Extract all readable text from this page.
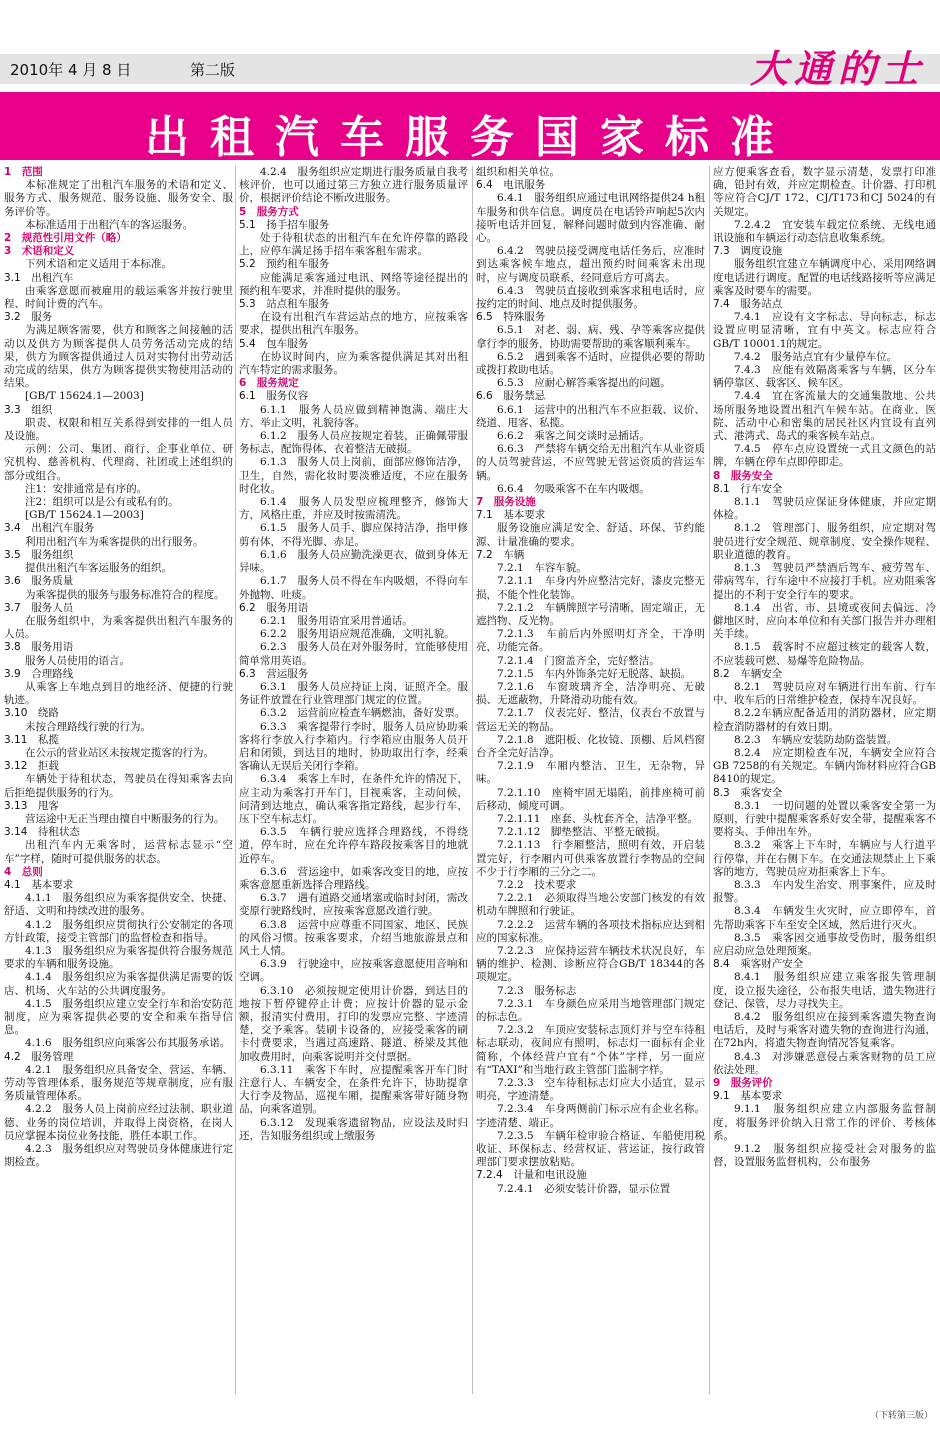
2010年 4 月 8 日	第二版	大通的士
出租汽车服务国家标准

1　范围

本标准规定了出租汽车服务的术语和定义、服务方式、服务规范、服务设施、服务安全、服务评价等。

本标准适用于出租汽车的客运服务。

2　规范性引用文件（略）

3　术语和定义

下列术语和定义适用于本标准。

3.1　出租汽车

由乘客意愿而被雇用的载运乘客并按行驶里程、时间计费的汽车。

3.2　服务

为满足顾客需要，供方和顾客之间接触的活动以及供方为顾客提供人员劳务活动完成的结果，供方为顾客提供通过人员对实物付出劳动活动完成的结果，供方为顾客提供实物使用活动的结果。

[GB/T 15624.1—2003]

3.3　组织

职责、权限和相互关系得到安排的一组人员及设施。

示例：公司、集团、商行、企事业单位、研究机构、慈善机构、代理商、社团或上述组织的部分或组合。

注1：安排通常是有序的。

注2：组织可以是公有或私有的。

[GB/T 15624.1—2003]

3.4　出租汽车服务

利用出租汽车为乘客提供的出行服务。

3.5　服务组织

提供出租汽车客运服务的组织。

3.6　服务质量

为乘客提供的服务与服务标准符合的程度。

3.7　服务人员

在服务组织中，为乘客提供出租汽车服务的人员。

3.8　服务用语

服务人员使用的语言。

3.9　合理路线

从乘客上车地点到目的地经济、便捷的行驶轨迹。

3.10　绕路

未按合理路线行驶的行为。

3.11　私揽

在公示的营业站区未按规定揽客的行为。

3.12　拒载

车辆处于待租状态，驾驶员在得知乘客去向后拒绝提供服务的行为。

3.13　甩客

营运途中无正当理由擅自中断服务的行为。

3.14　待租状态

出租汽车内无乘客时，运营标志显示“空车”字样，随时可提供服务的状态。

4　总则

4.1　基本要求

4.1.1　服务组织应为乘客提供安全、快捷、舒适、文明和持续改进的服务。

4.1.2　服务组织应贯彻执行公安制定的各项方针政策，接受主管部门的监督检查和指导。

4.1.3　服务组织应为乘客提供符合服务规范要求的车辆和服务设施。

4.1.4　服务组织应为乘客提供满足需要的饭店、机场、火车站的公共调度服务。

4.1.5　服务组织应建立安全行车和治安防范制度，应为乘客提供必要的安全和乘车指导信息。

4.1.6　服务组织应向乘客公布其服务承诺。

4.2　服务管理

4.2.1　服务组织应具备安全、营运、车辆、劳动等管理体系，服务规范等规章制度，应有服务质量管理体系。

4.2.2　服务人员上岗前应经过法制、职业道德、业务的岗位培训，并取得上岗资格，在岗人员应掌握本岗位业务技能，胜任本职工作。

4.2.3　服务组织应对驾驶员身体健康进行定期检查。

4.2.4　服务组织应定期进行服务质量自我考核评价，也可以通过第三方独立进行服务质量评价，根据评价结论不断改进服务。

5　服务方式

5.1　扬手招车服务

处于待租状态的出租汽车在允许停靠的路段上，应停车满足扬手招车乘客租车需求。

5.2　预约租车服务

应能满足乘客通过电讯、网络等途径提出的预约租车要求，并准时提供的服务。

5.3　站点租车服务

在设有出租汽车营运站点的地方，应按乘客要求，提供出租汽车服务。

5.4　包车服务

在协议时间内，应为乘客提供满足其对出租汽车特定的需求服务。

6　服务规定

6.1　服务仪容

6.1.1　服务人员应做到精神饱满、端庄大方、举止文明，礼貌待客。

6.1.2　服务人员应按规定着装，正确佩带服务标志，配饰得体、衣着整洁无破损。

6.1.3　服务人员上岗前，面部应修饰洁净，卫生，自然，需化妆时要淡雅适度，不应在服务时化妆。

6.1.4　服务人员发型应梳理整齐，修饰大方，风格庄重，并应及时按需清洗。

6.1.5　服务人员手、脚应保持洁净，指甲修剪有体，不得光脚、赤足。

6.1.6　服务人员应勤洗澡更衣，做到身体无异味。

6.1.7　服务人员不得在车内吸烟，不得向车外抛物、吐痰。

6.2　服务用语

6.2.1　服务用语宜采用普通话。

6.2.2　服务用语应规范准确，文明礼貌。

6.2.3　服务人员在对外服务时，宜能够使用简单常用英语。

6.3　营运服务

6.3.1　服务人员应持证上岗，证照齐全。服务证件放置在行业管理部门规定的位置。

6.3.2　运营前应检查车辆燃油，备好发票。

6.3.3　乘客提带行李时，服务人员应协助乘客将行李放入行李箱内。行李箱应由服务人员开启和闭锁，到达目的地时，协助取出行李，经乘客确认无误后关闭行李箱。

6.3.4　乘客上车时，在条件允许的情况下，应主动为乘客打开车门，目视乘客，主动问候，问清到达地点，确认乘客指定路线，起步行车，压下空车标志灯。

6.3.5　车辆行驶应选择合理路线，不得绕道，停车时，应在允许停车路段按乘客目的地就近停车。

6.3.6　营运途中，如乘客改变目的地，应按乘客意愿重新选择合理路线。

6.3.7　遇有道路交通堵塞或临时封闭，需改变原行驶路线时，应按乘客意愿改道行驶。

6.3.8　运营中应尊重不同国家、地区、民族的风俗习惯。按乘客要求，介绍当地旅游景点和风土人情。

6.3.9　行驶途中，应按乘客意愿使用音响和空调。

6.3.10　必须按规定使用计价器，到达目的地按下暂停键停止计费；应按计价器的显示金额，报清实付费用，打印的发票应完整、字迹清楚，交予乘客。装刷卡设备的，应接受乘客的刷卡付费要求，当遇过高速路、隧道、桥梁及其他加收费用时，向乘客说明并交付票据。

6.3.11　乘客下车时，应提醒乘客开车门时注意行人、车辆安全，在条件允许下，协助提拿大行李及物品，巡视车厢，提醒乘客带好随身物品，向乘客道别。

6.3.12　发现乘客遗留物品，应设法及时归还，告知服务组织或上缴服务

组织和相关单位。

6.4　电讯服务

6.4.1　服务组织应通过电讯网络提供24 h租车服务和供车信息。调度员在电话铃声响起5次内接听电话并回复，解释问题时做到内容准确、耐心。

6.4.2　驾驶员接受调度电话任务后，应准时到达乘客候车地点，超出预约时间乘客未出现时，应与调度员联系，经同意后方可离去。

6.4.3　驾驶员直接收到乘客求租电话时，应按约定的时间、地点及时提供服务。

6.5　特殊服务

6.5.1　对老、弱、病、残、孕等乘客应提供拿行李的服务，协助需要帮助的乘客顺利乘车。

6.5.2　遇到乘客不适时，应提供必要的帮助或拨打救助电话。

6.5.3　应耐心解答乘客提出的问题。

6.6　服务禁忌

6.6.1　运营中的出租汽车不应拒载、议价、绕道、甩客、私揽。

6.6.2　乘客之间交谈时忌插话。

6.6.3　严禁将车辆交给无出租汽车从业资质的人员驾驶营运，不应驾驶无营运资质的营运车辆。

6.6.4　勿吸乘客不在车内吸烟。

7　服务设施

7.1　基本要求

服务设施应满足安全、舒适、环保、节约能源、计量准确的要求。

7.2　车辆

7.2.1　车容车貌。

7.2.1.1　车身内外应整洁完好，漆皮完整无损，不能个性化装饰。

7.2.1.2　车辆牌照字号清晰，固定端正，无遮挡物、反光物。

7.2.1.3　车前后内外照明灯齐全，干净明亮，功能完备。

7.2.1.4　门窗盖齐全，完好整洁。

7.2.1.5　车内外饰条完好无脱落、缺损。

7.2.1.6　车窗玻璃齐全，洁净明亮、无破损、无遮蔽物，升降滑动功能有效。

7.2.1.7　仪表完好、整洁，仪表台不放置与营运无关的物品。

7.2.1.8　遮阳板、化妆镜、顶棚、后风档窗台齐全完好洁净。

7.2.1.9　车厢内整洁、卫生，无杂物，异味。

7.2.1.10　座椅牢固无塌陷，前排座椅可前后移动，倾度可调。

7.2.1.11　座套、头枕套齐全，洁净平整。

7.2.1.12　脚垫整洁、平整无破损。

7.2.1.13　行李厢整洁，照明有效，开启装置完好，行李厢内可供乘客放置行李物品的空间不少于行李厢的三分之二。

7.2.2　技术要求

7.2.2.1　必须取得当地公安部门核发的有效机动车牌照和行驶证。

7.2.2.2　运营车辆的各项技术指标应达到相应的国家标准。

7.2.2.3　应保持运营车辆技术状况良好，车辆的维护、检测、诊断应符合GB/T 18344的各项规定。

7.2.3　服务标志

7.2.3.1　车身颜色应采用当地管理部门规定的标志色。

7.2.3.2　车顶应安装标志顶灯并与空车待租标志联动，夜间应有照明，标志灯一面标有企业简称，个体经营户宜有“个体”字样，另一面应有“TAXI”和当地行政主管部门监制字样。

7.2.3.3　空车待租标志灯应大小适宜，显示明亮，字迹清楚。

7.2.3.4　车身两侧前门标示应有企业名称。字迹清楚、端正。

7.2.3.5　车辆年检审验合格证、车船使用税收证、环保标志、经营权证、营运证，按行政管理部门要求摆放粘贴。

7.2.4　计量和电讯设施

7.2.4.1　必须安装计价器，显示位置

应方便乘客查看，数字显示清楚，发票打印准确，铅封有效，并应定期检查。计价器、打印机等应符合CJ/T 172、CJ/T173和CJ 5024的有关规定。

7.2.4.2　宜安装车载定位系统、无线电通讯设施和车辆运行动态信息收集系统。

7.3　调度设施

服务组织宜建立车辆调度中心、采用网络调度电话进行调度。配置的电话线路接听等应满足乘客及时要车的需要。

7.4　服务站点

7.4.1　应设有文字标志、导向标志，标志设置应明显清晰，宜有中英文。标志应符合GB/T 10001.1的规定。

7.4.2　服务站点宜有少量停车位。

7.4.3　应能有效隔离乘客与车辆，区分车辆停靠区、载客区、候车区。

7.4.4　宜在客流量大的交通集散地、公共场所服务地设置出租汽车候车站。在商业、医院、活动中心和密集的居民社区内宜设有直列式、港湾式、岛式的乘客候车站点。

7.4.5　停车点应设置统一式且文颜色的站牌，车辆在停车点即停即走。

8　服务安全

8.1　行车安全

8.1.1　驾驶员应保证身体健康，并应定期体检。

8.1.2　管理部门、服务组织，应定期对驾驶员进行安全规范、规章制度、安全操作规程、职业道德的教育。

8.1.3　驾驶员严禁酒后驾车、疲劳驾车、带病驾车，行车途中不应接打手机。应劝阻乘客提出的不利于安全行车的要求。

8.1.4　出省、市、县境或夜间去偏远、冷僻地区时，应向本单位和有关部门报告并办理相关手续。

8.1.5　载客时不应超过核定的载客人数，不应装载可燃、易爆等危险物品。

8.2　车辆安全

8.2.1　驾驶员应对车辆进行出车前、行车中、收车后的日常维护检查，保持车况良好。

8.2.2车辆应配备适用的消防器材，应定期检查消防器材的有效日期。

8.2.3　车辆应安装防劫防盗装置。

8.2.4　应定期检查车况，车辆安全应符合GB 7258的有关规定。车辆内饰材料应符合GB 8410的规定。

8.3　乘客安全

8.3.1　一切问题的处置以乘客安全第一为原则，行驶中提醒乘客系好安全带，提醒乘客不要将头、手伸出车外。

8.3.2　乘客上下车时，车辆应与人行道平行停靠，并在右侧下车。在交通法规禁止上下乘客的地方，驾驶员应劝拒乘客上下车。

8.3.3　车内发生治安、刑事案件，应及时报警。

8.3.4　车辆发生火灾时，应立即停车，首先帮助乘客下车至安全区域，然后进行灭火。

8.3.5　乘客因交通事故受伤时，服务组织应启动应急处理预案。

8.4　乘客财产安全

8.4.1　服务组织应建立乘客报失管理制度，设立报失途径，公布报失电话，遗失物进行登记、保管，尽力寻找失主。

8.4.2　服务组织应在接到乘客遗失物查询电话后，及时与乘客对遗失物的查询进行沟通，在72h内，将遗失物查询情况答复乘客。

8.4.3　对涉嫌恶意侵占乘客财物的员工应依法处理。

9　服务评价

9.1　基本要求

9.1.1　服务组织应建立内部服务监督制度，将服务评价纳入日常工作的评价、考核体系。

9.1.2　服务组织应接受社会对服务的监督，设置服务监督机构，公布服务

（下转第三版）
